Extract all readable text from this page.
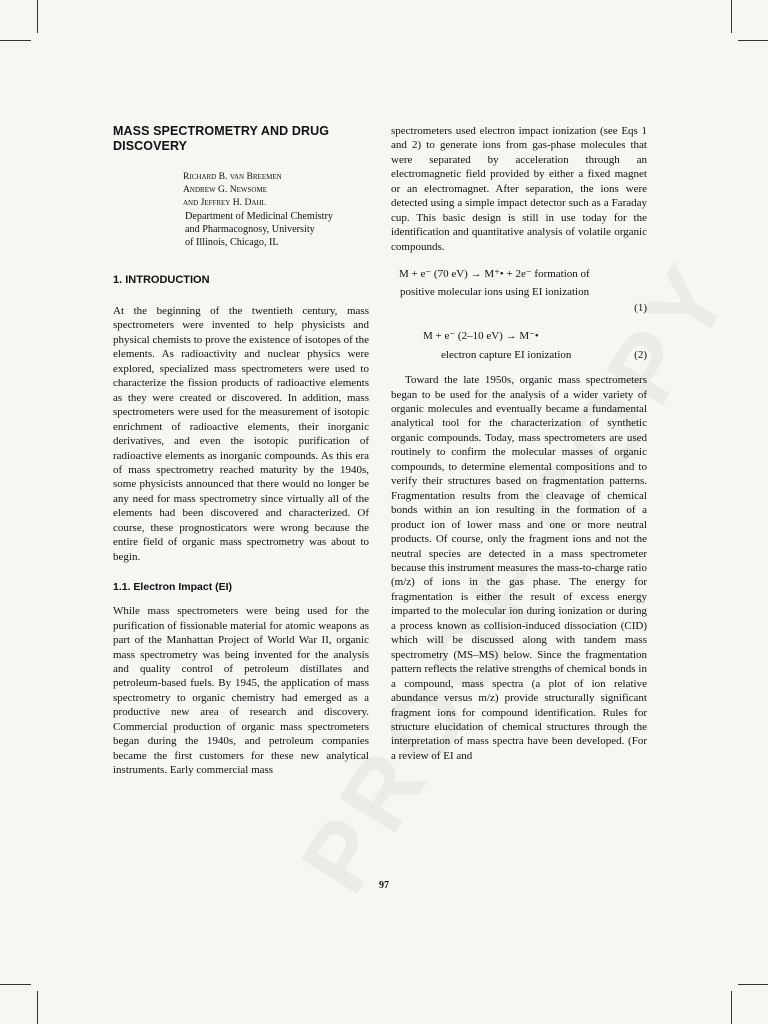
MASS SPECTROMETRY AND DRUG DISCOVERY
Richard B. van Breemen
Andrew G. Newsome
and Jeffrey H. Dahl
Department of Medicinal Chemistry
and Pharmacognosy, University
of Illinois, Chicago, IL
1. INTRODUCTION

At the beginning of the twentieth century, mass spectrometers were invented to help physicists and physical chemists to prove the existence of isotopes of the elements. As radioactivity and nuclear physics were explored, specialized mass spectrometers were used to characterize the fission products of radioactive elements as they were created or discovered. In addition, mass spectrometers were used for the measurement of isotopic enrichment of radioactive elements, their inorganic derivatives, and even the isotopic purification of radioactive elements as inorganic compounds. As this era of mass spectrometry reached maturity by the 1940s, some physicists announced that there would no longer be any need for mass spectrometry since virtually all of the elements had been discovered and characterized. Of course, these prognosticators were wrong because the entire field of organic mass spectrometry was about to begin.

1.1. Electron Impact (EI)

While mass spectrometers were being used for the purification of fissionable material for atomic weapons as part of the Manhattan Project of World War II, organic mass spectrometry was being invented for the analysis and quality control of petroleum distillates and petroleum-based fuels. By 1945, the application of mass spectrometry to organic chemistry had emerged as a productive new area of research and discovery. Commercial production of organic mass spectrometers began during the 1940s, and petroleum companies became the first customers for these new analytical instruments. Early commercial mass

spectrometers used electron impact ionization (see Eqs 1 and 2) to generate ions from gas-phase molecules that were separated by acceleration through an electromagnetic field provided by either a fixed magnet or an electromagnet. After separation, the ions were detected using a simple impact detector such as a Faraday cup. This basic design is still in use today for the identification and quantitative analysis of volatile organic compounds.

M + e⁻ (70 eV) → M⁺• + 2e⁻ formation of
positive molecular ions using EI ionization
(1)
M + e⁻ (2–10 eV) → M⁻•
electron capture EI ionization	(2)

Toward the late 1950s, organic mass spectrometers began to be used for the analysis of a wider variety of organic molecules and eventually became a fundamental analytical tool for the characterization of synthetic organic compounds. Today, mass spectrometers are used routinely to confirm the molecular masses of organic compounds, to determine elemental compositions and to verify their structures based on fragmentation patterns. Fragmentation results from the cleavage of chemical bonds within an ion resulting in the formation of a product ion of lower mass and one or more neutral products. Of course, only the fragment ions and not the neutral species are detected in a mass spectrometer because this instrument measures the mass-to-charge ratio (m/z) of ions in the gas phase. The energy for fragmentation is either the result of excess energy imparted to the molecular ion during ionization or during a process known as collision-induced dissociation (CID) which will be discussed along with tandem mass spectrometry (MS–MS) below. Since the fragmentation pattern reflects the relative strengths of chemical bonds in a compound, mass spectra (a plot of ion relative abundance versus m/z) provide structurally significant fragment ions for compound identification. Rules for structure elucidation of chemical structures through the interpretation of mass spectra have been developed. (For a review of EI and

97
